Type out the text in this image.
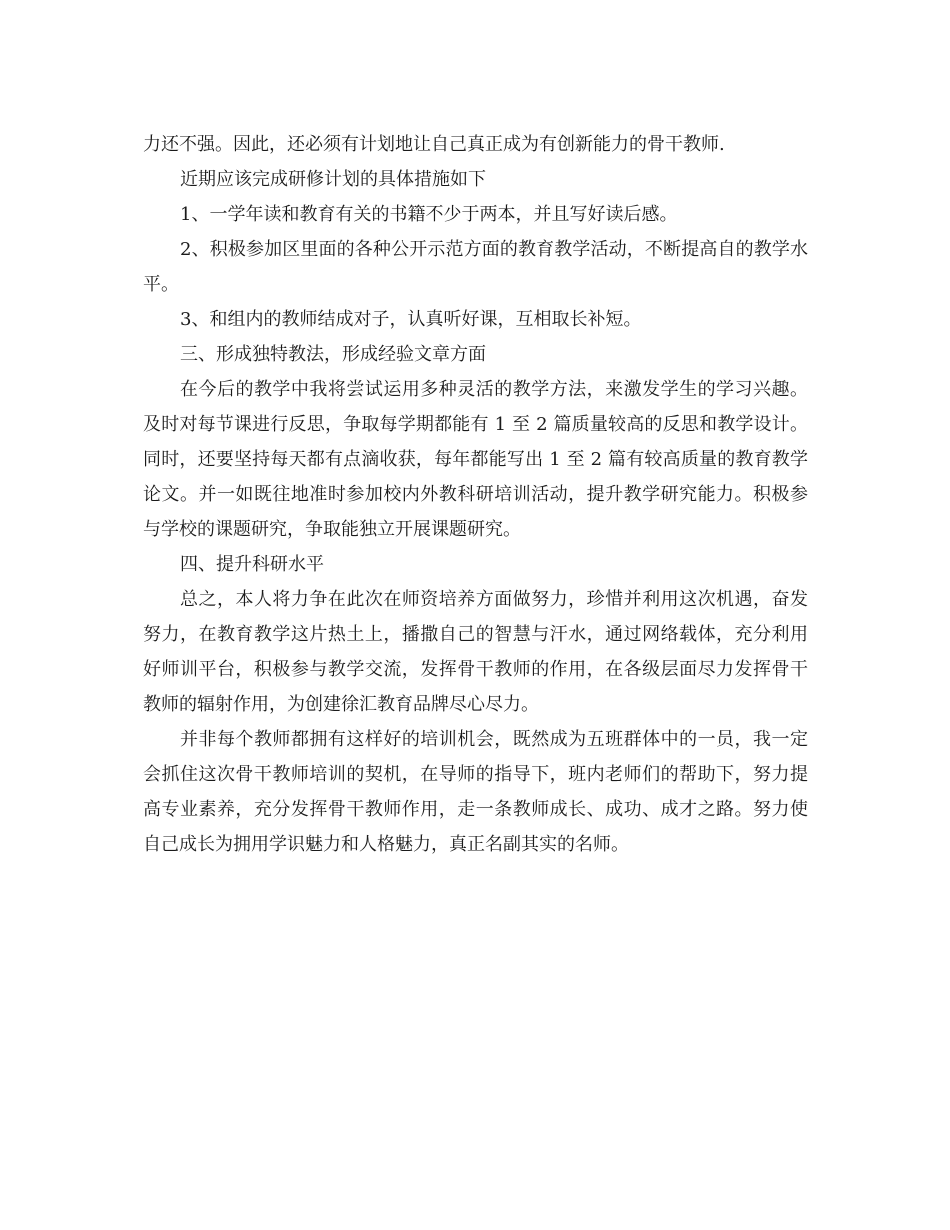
力还不强。因此，还必须有计划地让自己真正成为有创新能力的骨干教师.

近期应该完成研修计划的具体措施如下

1、一学年读和教育有关的书籍不少于两本，并且写好读后感。

2、积极参加区里面的各种公开示范方面的教育教学活动，不断提高自的教学水平。

3、和组内的教师结成对子，认真听好课，互相取长补短。

三、形成独特教法，形成经验文章方面

在今后的教学中我将尝试运用多种灵活的教学方法，来激发学生的学习兴趣。及时对每节课进行反思，争取每学期都能有 1 至 2 篇质量较高的反思和教学设计。同时，还要坚持每天都有点滴收获，每年都能写出 1 至 2 篇有较高质量的教育教学论文。并一如既往地准时参加校内外教科研培训活动，提升教学研究能力。积极参与学校的课题研究，争取能独立开展课题研究。

四、提升科研水平

总之，本人将力争在此次在师资培养方面做努力，珍惜并利用这次机遇，奋发努力，在教育教学这片热土上，播撒自己的智慧与汗水，通过网络载体，充分利用好师训平台，积极参与教学交流，发挥骨干教师的作用，在各级层面尽力发挥骨干教师的辐射作用，为创建徐汇教育品牌尽心尽力。

并非每个教师都拥有这样好的培训机会，既然成为五班群体中的一员，我一定会抓住这次骨干教师培训的契机，在导师的指导下，班内老师们的帮助下，努力提高专业素养，充分发挥骨干教师作用，走一条教师成长、成功、成才之路。努力使自己成长为拥用学识魅力和人格魅力，真正名副其实的名师。
